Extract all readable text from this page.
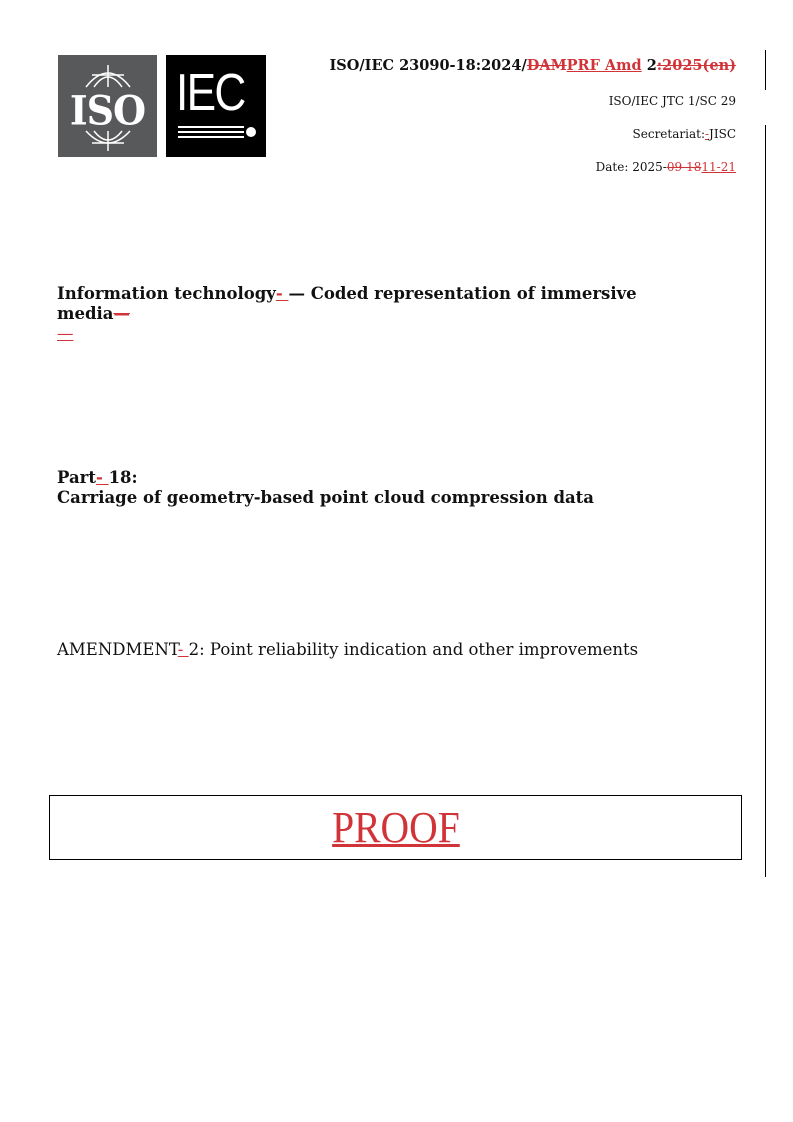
ISO IEC	ISO/IEC 23090-18:2024/DAMPRF Amd 2:2025(en)
ISO/IEC JTC 1/SC 29
Secretariat:-JISC
Date: 2025-09-1811-21
Information technology- — Coded representation of immersive media—
—
Part- 18:
Carriage of geometry-based point cloud compression data
AMENDMENT- 2: Point reliability indication and other improvements
PROOF
